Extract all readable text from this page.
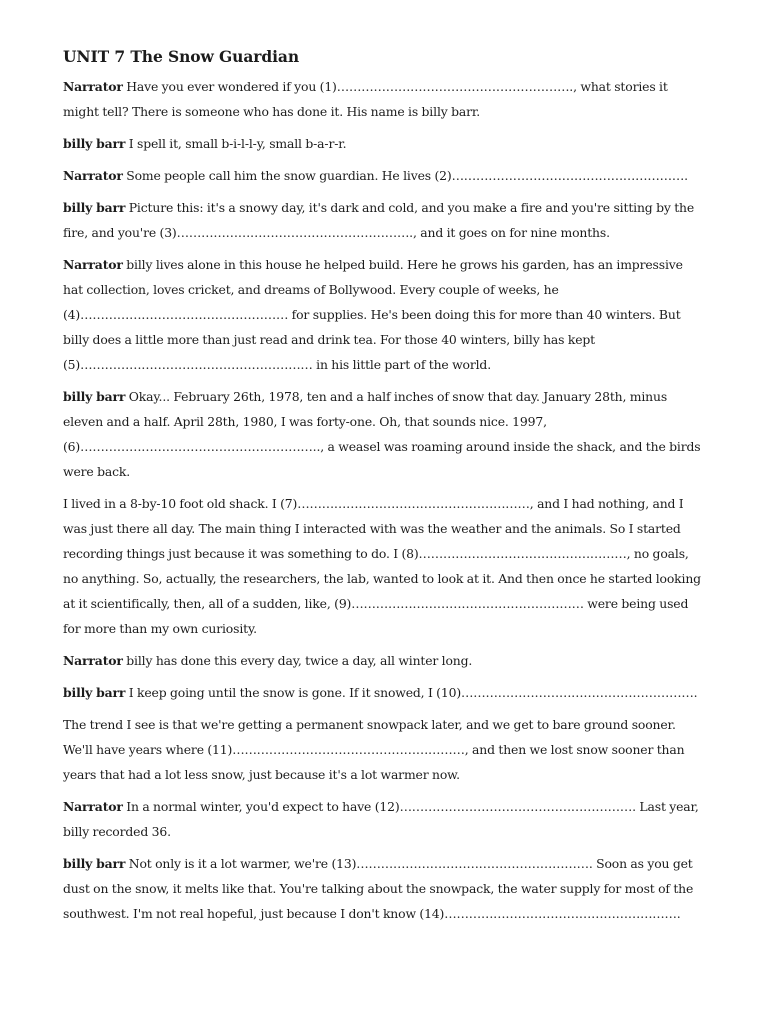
UNIT 7 The Snow Guardian

Narrator Have you ever wondered if you (1)…………………………………………………., what stories it might tell? There is someone who has done it. His name is billy barr.

billy barr I spell it, small b-i-l-l-y, small b-a-r-r.

Narrator Some people call him the snow guardian. He lives (2)………………………………………………….

billy barr Picture this: it's a snowy day, it's dark and cold, and you make a fire and you're sitting by the fire, and you're (3)…………………………………………………., and it goes on for nine months.

Narrator billy lives alone in this house he helped build. Here he grows his garden, has an impressive hat collection, loves cricket, and dreams of Bollywood. Every couple of weeks, he (4)…………………………………………… for supplies. He's been doing this for more than 40 winters. But billy does a little more than just read and drink tea. For those 40 winters, billy has kept (5)………………………………………………… in his little part of the world.

billy barr Okay... February 26th, 1978, ten and a half inches of snow that day. January 28th, minus eleven and a half. April 28th, 1980, I was forty-one. Oh, that sounds nice. 1997, (6)………………………………………………….., a weasel was roaming around inside the shack, and the birds were back.

I lived in a 8-by-10 foot old shack. I (7)…………………………………………………, and I had nothing, and I was just there all day. The main thing I interacted with was the weather and the animals. So I started recording things just because it was something to do. I (8)……………………………………………, no goals, no anything. So, actually, the researchers, the lab, wanted to look at it. And then once he started looking at it scientifically, then, all of a sudden, like, (9)………………………………………………… were being used for more than my own curiosity.

Narrator billy has done this every day, twice a day, all winter long.

billy barr I keep going until the snow is gone. If it snowed, I (10)………………………………………………….

The trend I see is that we're getting a permanent snowpack later, and we get to bare ground sooner. We'll have years where (11)…………………………………………………, and then we lost snow sooner than years that had a lot less snow, just because it's a lot warmer now.

Narrator In a normal winter, you'd expect to have (12)…………………………………………………. Last year, billy recorded 36.

billy barr Not only is it a lot warmer, we're (13)…………………………………………………. Soon as you get dust on the snow, it melts like that. You're talking about the snowpack, the water supply for most of the southwest. I'm not real hopeful, just because I don't know (14)………………………………………………….
